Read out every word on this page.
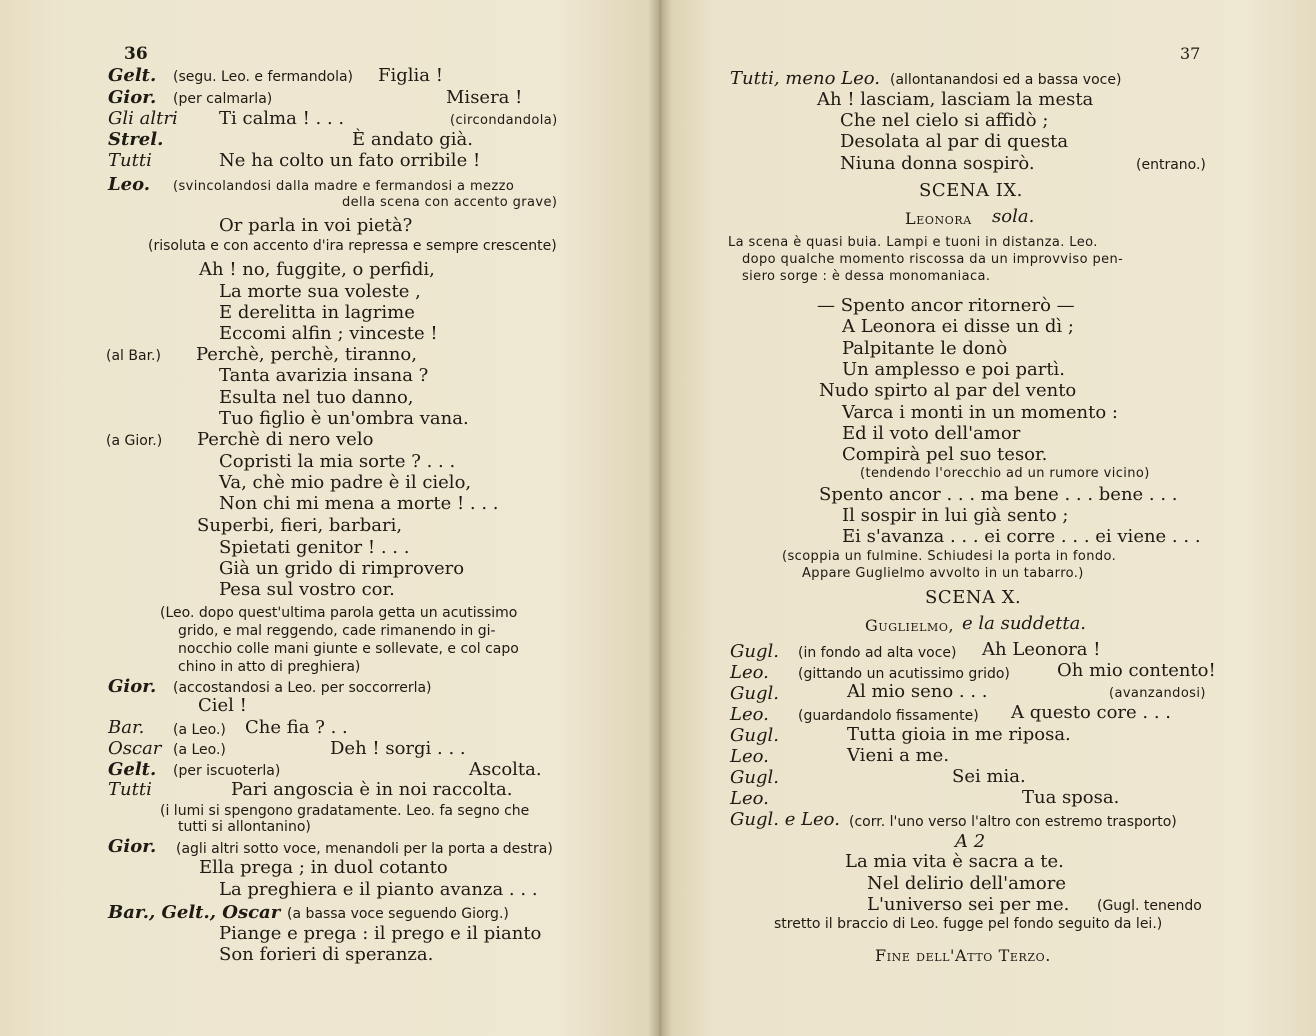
36
Gelt. (segu. Leo. e fermandola) Figlia !
Gior. (per calmarla)	Misera !
Gli altri Ti calma ! . . .	(circondandola)
Strel.	È andato già.
Tutti	Ne ha colto un fato orribile !
Leo. (svincolandosi dalla madre e fermandosi a mezzo
della scena con accento grave)
Or parla in voi pietà?
(risoluta e con accento d'ira repressa e sempre crescente)
Ah ! no, fuggite, o perfidi,
La morte sua voleste ,
E derelitta in lagrime
Eccomi alfin ; vinceste !
(al Bar.) Perchè, perchè, tiranno,
Tanta avarizia insana ?
Esulta nel tuo danno,
Tuo figlio è un'ombra vana.
(a Gior.) Perchè di nero velo
Copristi la mia sorte ? . . .
Va, chè mio padre è il cielo,
Non chi mi mena a morte ! . . .
Superbi, fieri, barbari,
Spietati genitor ! . . .
Già un grido di rimprovero
Pesa sul vostro cor.
(Leo. dopo quest'ultima parola getta un acutissimo
grido, e mal reggendo, cade rimanendo in gi-
nocchio colle mani giunte e sollevate, e col capo
chino in atto di preghiera)
Gior. (accostandosi a Leo. per soccorrerla)
Ciel !
Bar. (a Leo.) Che fia ? . .
Oscar (a Leo.)	Deh ! sorgi . . .
Gelt. (per iscuoterla)	Ascolta.
Tutti	Pari angoscia è in noi raccolta.
(i lumi si spengono gradatamente. Leo. fa segno che
tutti si allontanino)
Gior. (agli altri sotto voce, menandoli per la porta a destra)
Ella prega ; in duol cotanto
La preghiera e il pianto avanza . . .
Bar., Gelt., Oscar (a bassa voce seguendo Giorg.)
Piange e prega : il prego e il pianto
Son forieri di speranza.
37
Tutti, meno Leo. (allontanandosi ed a bassa voce)
Ah ! lasciam, lasciam la mesta
Che nel cielo si affidò ;
Desolata al par di questa
Niuna donna sospirò.	(entrano.)
SCENA IX.
Leonora sola.
La scena è quasi buia. Lampi e tuoni in distanza. Leo.
dopo qualche momento riscossa da un improvviso pen-
siero sorge : è dessa monomaniaca.
— Spento ancor ritornerò —
A Leonora ei disse un dì ;
Palpitante le donò
Un amplesso e poi partì.
Nudo spirto al par del vento
Varca i monti in un momento :
Ed il voto dell'amor
Compirà pel suo tesor.
(tendendo l'orecchio ad un rumore vicino)
Spento ancor . . . ma bene . . . bene . . .
Il sospir in lui già sento ;
Ei s'avanza . . . ei corre . . . ei viene . . .
(scoppia un fulmine. Schiudesi la porta in fondo.
Appare Guglielmo avvolto in un tabarro.)
SCENA X.
Guglielmo, e la suddetta.
Gugl. (in fondo ad alta voce) Ah Leonora !
Leo. (gittando un acutissimo grido)	Oh mio contento!
Gugl.	Al mio seno . . .	(avanzandosi)
Leo. (guardandolo fissamente) A questo core . . .
Gugl.	Tutta gioia in me riposa.
Leo.	Vieni a me.
Gugl.	Sei mia.
Leo.	Tua sposa.
Gugl. e Leo. (corr. l'uno verso l'altro con estremo trasporto)
A 2
La mia vita è sacra a te.
Nel delirio dell'amore
L'universo sei per me. (Gugl. tenendo
stretto il braccio di Leo. fugge pel fondo seguito da lei.)
Fine dell'Atto Terzo.
